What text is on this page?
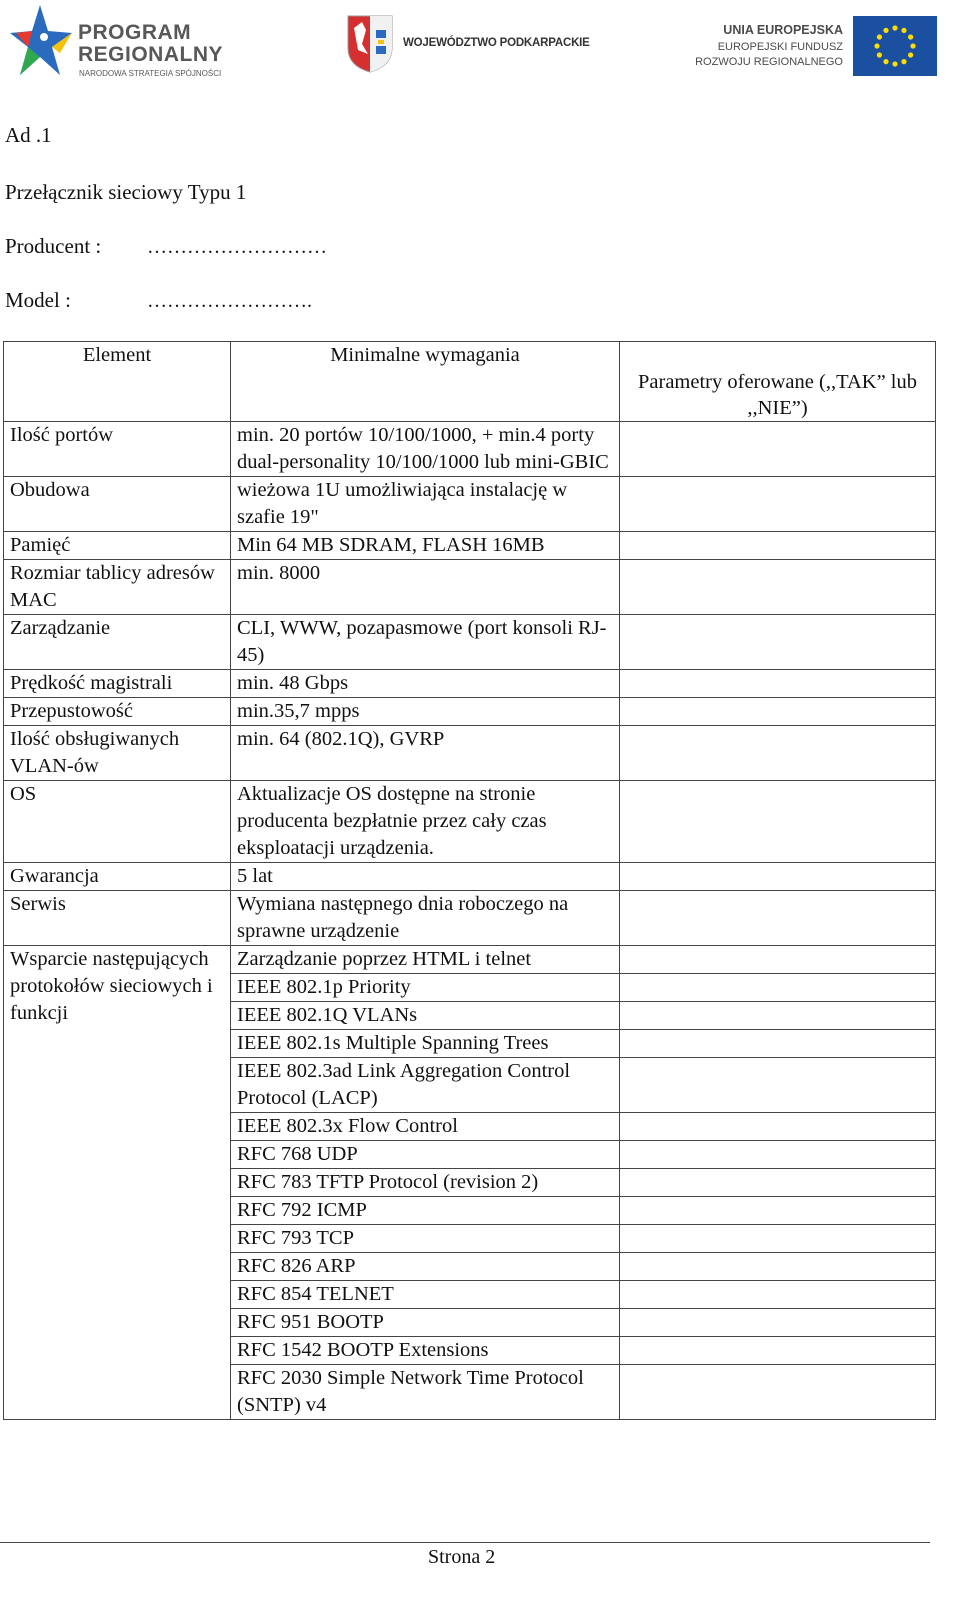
PROGRAM
REGIONALNY
NARODOWA STRATEGIA SPÓJNOŚCI
WOJEWÓDZTWO PODKARPACKIE
UNIA EUROPEJSKA
EUROPEJSKI FUNDUSZ
ROZWOJU REGIONALNEGO
Ad .1
Przełącznik sieciowy Typu 1
Producent : ………………………
Model :	…………………….
Element	Minimalne wymagania	Parametry oferowane (,,TAK” lub ,,NIE”)
Ilość portów	min. 20 portów 10/100/1000, + min.4 porty dual-personality 10/100/1000 lub mini-GBIC	
Obudowa	wieżowa 1U umożliwiająca instalację w szafie 19"	
Pamięć	Min 64 MB SDRAM, FLASH 16MB	
Rozmiar tablicy adresów MAC	min. 8000	
Zarządzanie	CLI, WWW, pozapasmowe (port konsoli RJ-45)	
Prędkość magistrali	min. 48 Gbps	
Przepustowość	min.35,7 mpps	
Ilość obsługiwanych VLAN-ów	min. 64 (802.1Q), GVRP	
OS	Aktualizacje OS dostępne na stronie producenta bezpłatnie przez cały czas eksploatacji urządzenia.	
Gwarancja	5 lat	
Serwis	Wymiana następnego dnia roboczego na sprawne urządzenie	
Wsparcie następujących protokołów sieciowych i funkcji	Zarządzanie poprzez HTML i telnet	
	IEEE 802.1p Priority	
	IEEE 802.1Q VLANs	
	IEEE 802.1s Multiple Spanning Trees	
	IEEE 802.3ad Link Aggregation Control Protocol (LACP)	
	IEEE 802.3x Flow Control	
	RFC 768 UDP	
	RFC 783 TFTP Protocol (revision 2)	
	RFC 792 ICMP	
	RFC 793 TCP	
	RFC 826 ARP	
	RFC 854 TELNET	
	RFC 951 BOOTP	
	RFC 1542 BOOTP Extensions	
	RFC 2030 Simple Network Time Protocol (SNTP) v4	
Strona 2
